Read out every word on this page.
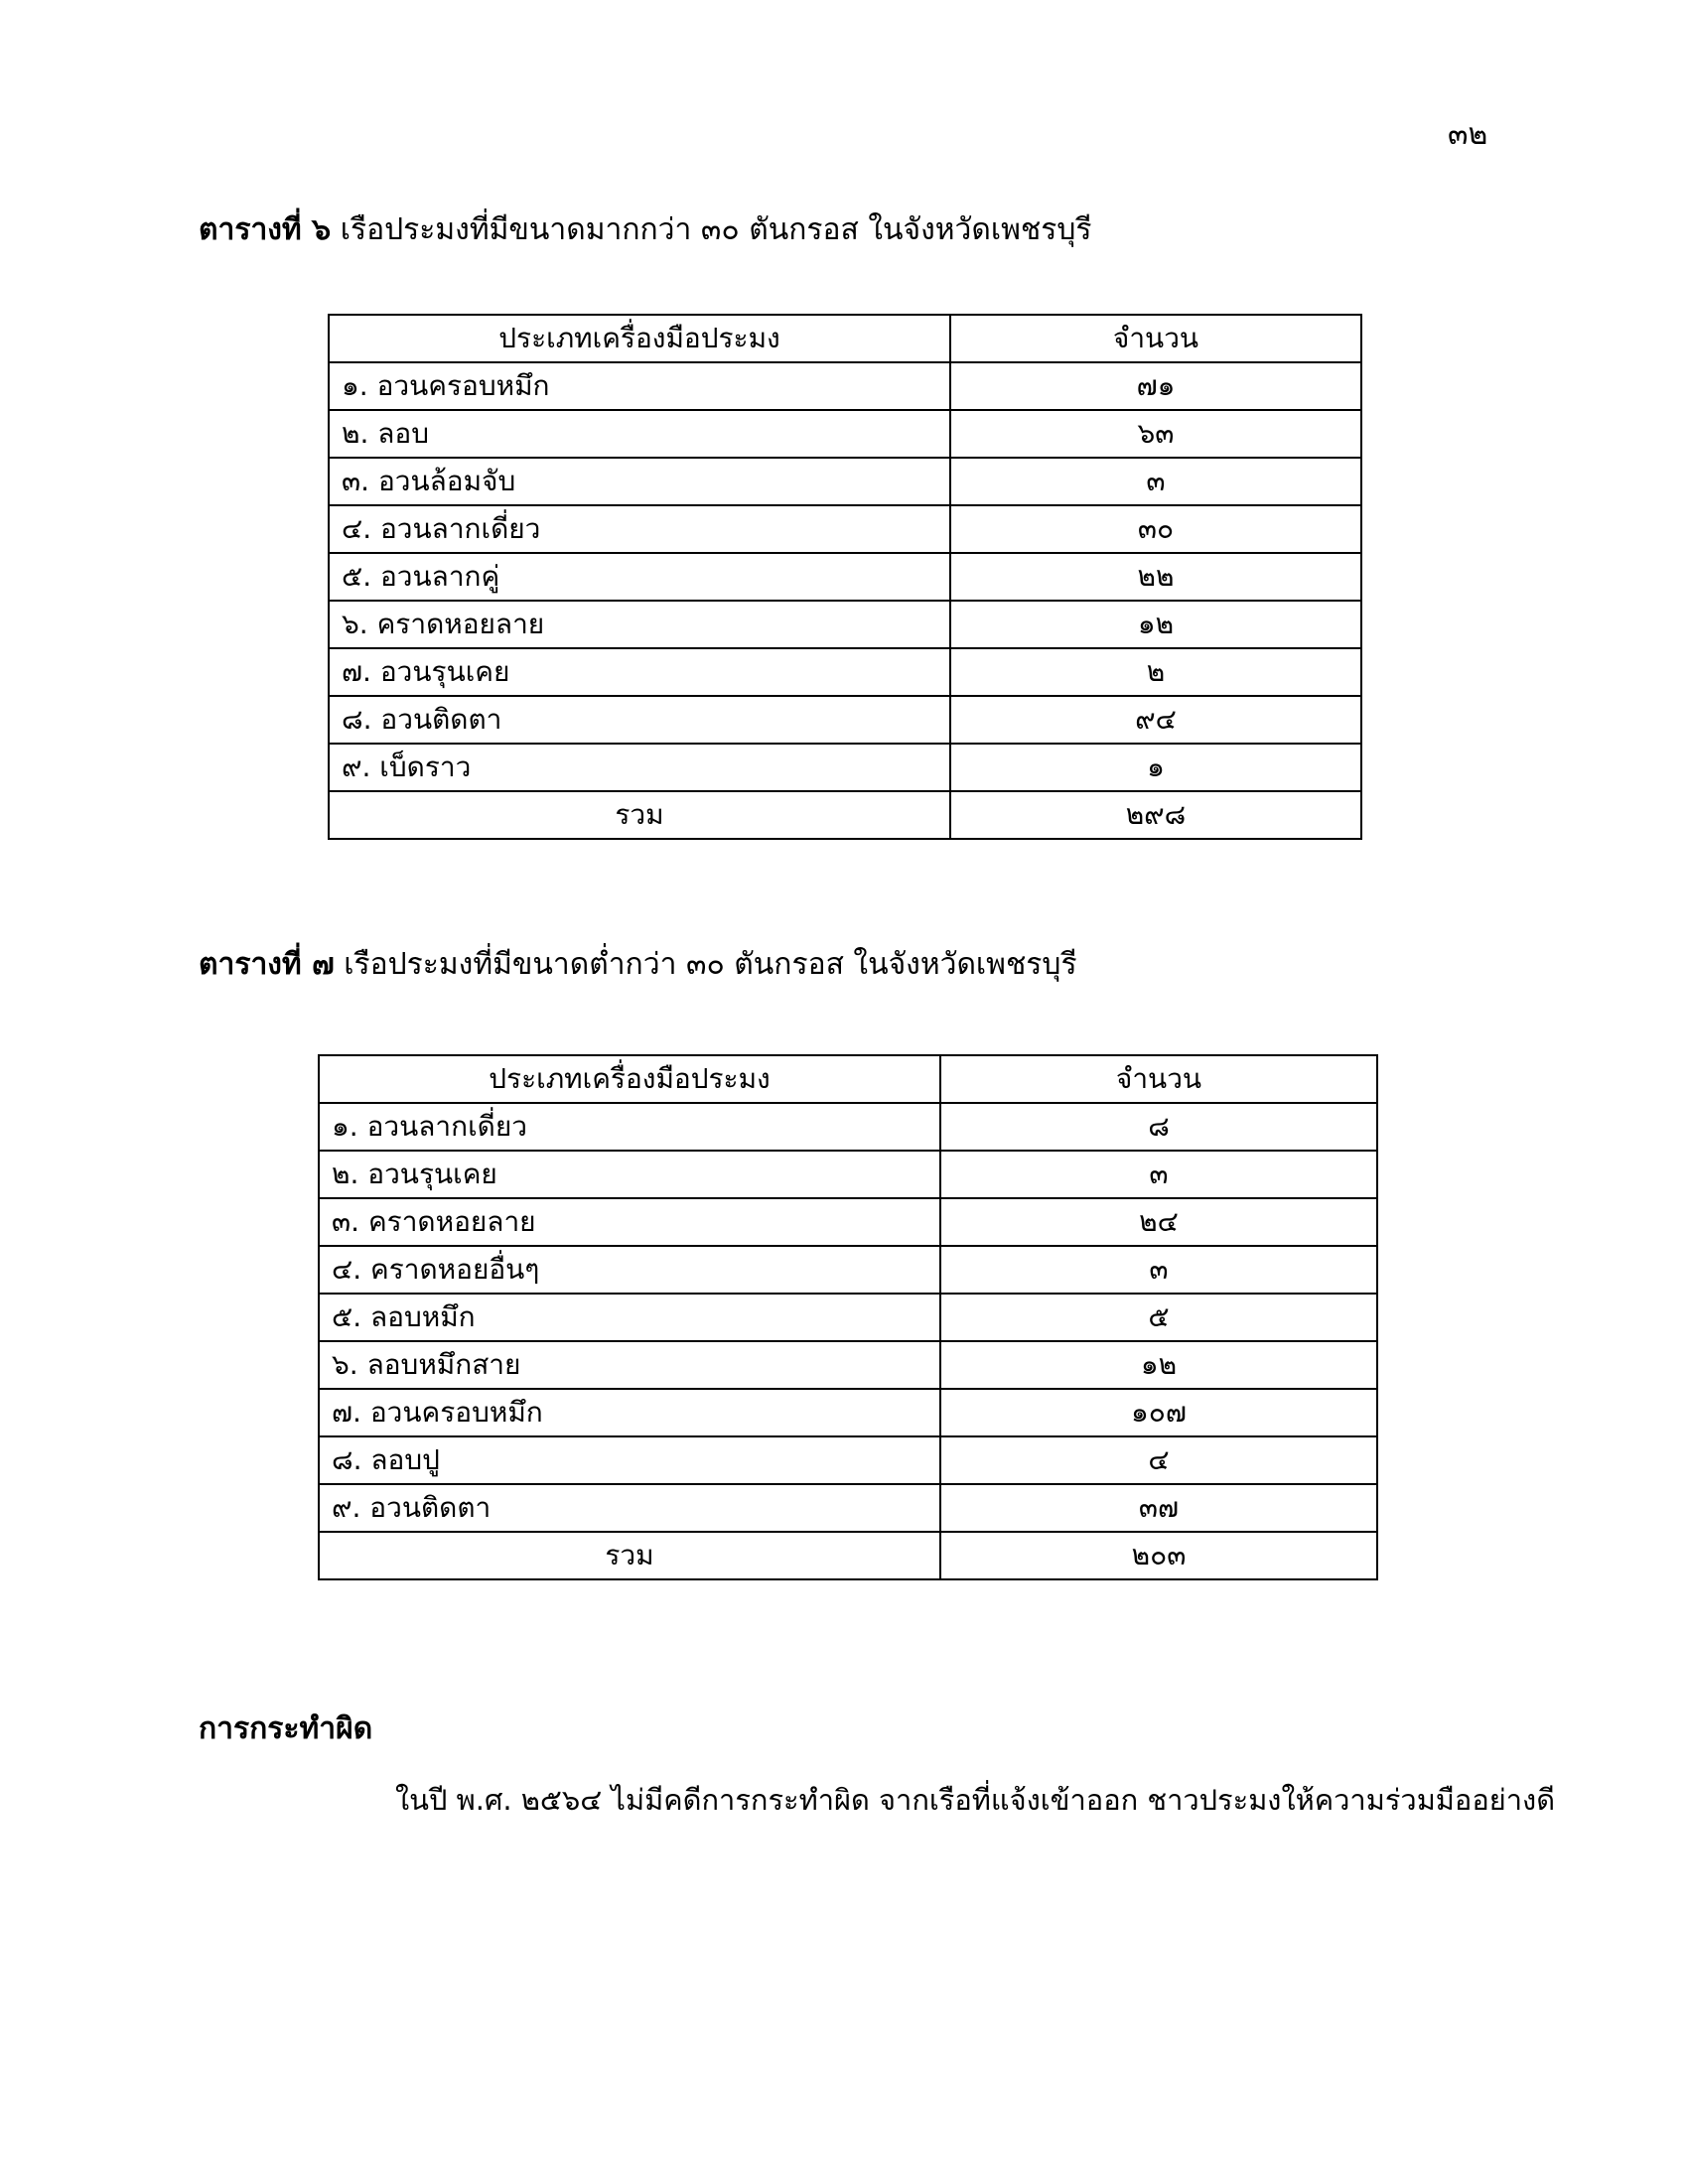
๓๒
ตารางที่ ๖ เรือประมงที่มีขนาดมากกว่า ๓๐ ตันกรอส ในจังหวัดเพชรบุรี
ประเภทเครื่องมือประมง	จำนวน
๑. อวนครอบหมึก	๗๑
๒. ลอบ	๖๓
๓. อวนล้อมจับ	๓
๔. อวนลากเดี่ยว	๓๐
๕. อวนลากคู่	๒๒
๖. คราดหอยลาย	๑๒
๗. อวนรุนเคย	๒
๘. อวนติดตา	๙๔
๙. เบ็ดราว	๑
รวม	๒๙๘
ตารางที่ ๗ เรือประมงที่มีขนาดต่ำกว่า ๓๐ ตันกรอส ในจังหวัดเพชรบุรี
ประเภทเครื่องมือประมง	จำนวน
๑. อวนลากเดี่ยว	๘
๒. อวนรุนเคย	๓
๓. คราดหอยลาย	๒๔
๔. คราดหอยอื่นๆ	๓
๕. ลอบหมึก	๕
๖. ลอบหมึกสาย	๑๒
๗. อวนครอบหมึก	๑๐๗
๘. ลอบปู	๔
๙. อวนติดตา	๓๗
รวม	๒๐๓
การกระทำผิด
ในปี พ.ศ. ๒๕๖๔ ไม่มีคดีการกระทำผิด จากเรือที่แจ้งเข้าออก ชาวประมงให้ความร่วมมืออย่างดี
